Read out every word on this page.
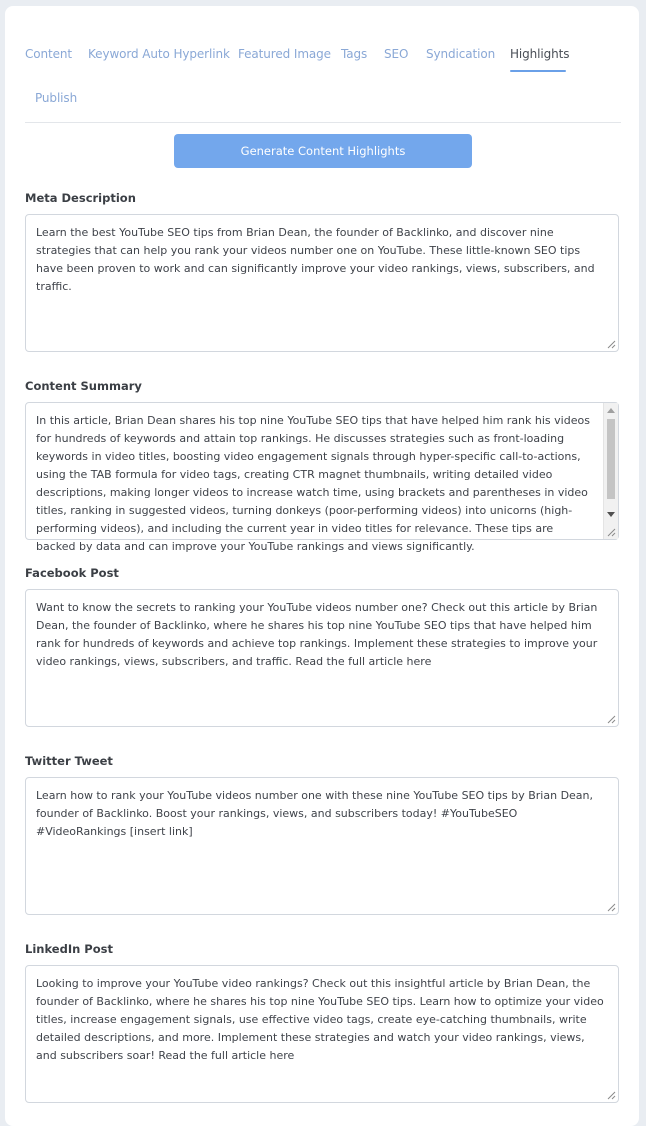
Content Keyword Auto Hyperlink Featured Image Tags SEO Syndication Highlights
Publish
Generate Content Highlights
Meta Description
Learn the best YouTube SEO tips from Brian Dean, the founder of Backlinko, and discover nine strategies that can help you rank your videos number one on YouTube. These little-known SEO tips have been proven to work and can significantly improve your video rankings, views, subscribers, and traffic.
Content Summary
In this article, Brian Dean shares his top nine YouTube SEO tips that have helped him rank his videos for hundreds of keywords and attain top rankings. He discusses strategies such as front-loading keywords in video titles, boosting video engagement signals through hyper-specific call-to-actions, using the TAB formula for video tags, creating CTR magnet thumbnails, writing detailed video descriptions, making longer videos to increase watch time, using brackets and parentheses in video titles, ranking in suggested videos, turning donkeys (poor-performing videos) into unicorns (high-performing videos), and including the current year in video titles for relevance. These tips are backed by data and can improve your YouTube rankings and views significantly.
Facebook Post
Want to know the secrets to ranking your YouTube videos number one? Check out this article by Brian Dean, the founder of Backlinko, where he shares his top nine YouTube SEO tips that have helped him rank for hundreds of keywords and achieve top rankings. Implement these strategies to improve your video rankings, views, subscribers, and traffic. Read the full article here
Twitter Tweet
Learn how to rank your YouTube videos number one with these nine YouTube SEO tips by Brian Dean, founder of Backlinko. Boost your rankings, views, and subscribers today! #YouTubeSEO #VideoRankings [insert link]
LinkedIn Post
Looking to improve your YouTube video rankings? Check out this insightful article by Brian Dean, the founder of Backlinko, where he shares his top nine YouTube SEO tips. Learn how to optimize your video titles, increase engagement signals, use effective video tags, create eye-catching thumbnails, write detailed descriptions, and more. Implement these strategies and watch your video rankings, views, and subscribers soar! Read the full article here
